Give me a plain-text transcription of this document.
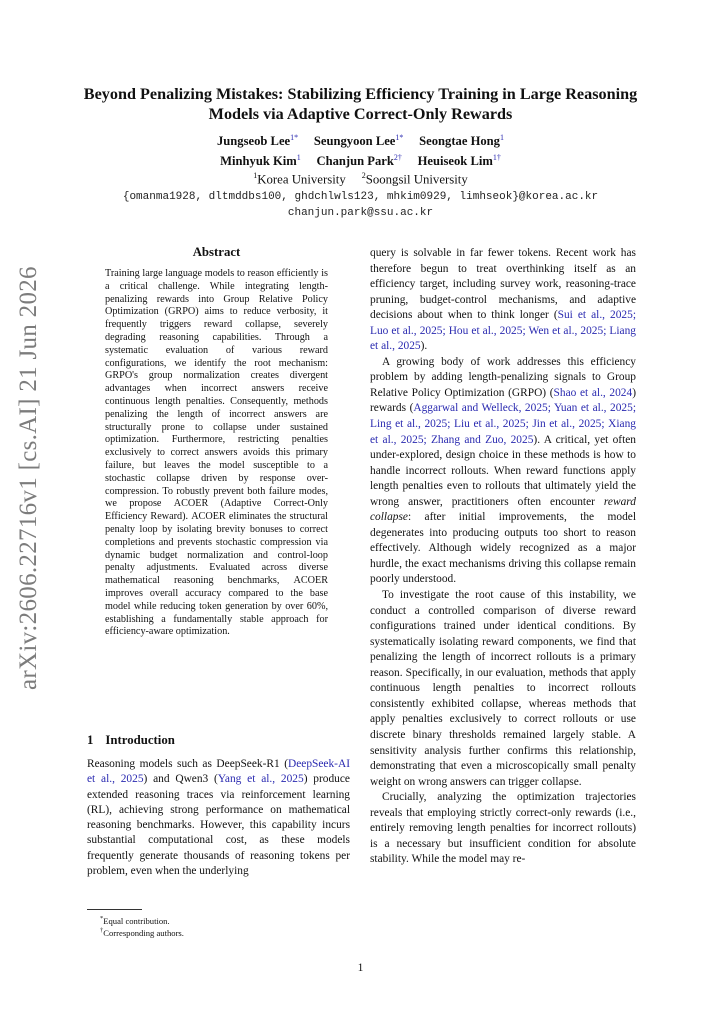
arXiv:2606.22716v1 [cs.AI] 21 Jun 2026
Beyond Penalizing Mistakes: Stabilizing Efficiency Training in Large Reasoning Models via Adaptive Correct-Only Rewards
Jungseob Lee$^{1*}$ Seungyoon Lee$^{1*}$ Seongtae Hong$^1$
Minhyuk Kim$^1$ Chanjun Park$^{2\dagger}$ Heuiseok Lim$^{1\dagger}$
$^1$Korea University $^2$Soongsil University
{omanma1928, dltmddbs100, ghdchlwls123, mhkim0929, limhseok}@korea.ac.kr
chanjun.park@ssu.ac.kr
Abstract
Training large language models to reason efficiently is a critical challenge. While integrating length-penalizing rewards into Group Relative Policy Optimization (GRPO) aims to reduce verbosity, it frequently triggers reward collapse, severely degrading reasoning capabilities. Through a systematic evaluation of various reward configurations, we identify the root mechanism: GRPO's group normalization creates divergent advantages when incorrect answers receive continuous length penalties. Consequently, methods penalizing the length of incorrect answers are structurally prone to collapse under sustained optimization. Furthermore, restricting penalties exclusively to correct answers avoids this primary failure, but leaves the model susceptible to a stochastic collapse driven by response over-compression. To robustly prevent both failure modes, we propose ACOER (Adaptive Correct-Only Efficiency Reward). ACOER eliminates the structural penalty loop by isolating brevity bonuses to correct completions and prevents stochastic compression via dynamic budget normalization and control-loop penalty adjustments. Evaluated across diverse mathematical reasoning benchmarks, ACOER improves overall accuracy compared to the base model while reducing token generation by over 60%, establishing a fundamentally stable approach for efficiency-aware optimization.
1 Introduction
Reasoning models such as DeepSeek-R1 (DeepSeek-AI et al., 2025) and Qwen3 (Yang et al., 2025) produce extended reasoning traces via reinforcement learning (RL), achieving strong performance on mathematical reasoning benchmarks. However, this capability incurs substantial computational cost, as these models frequently generate thousands of reasoning tokens per problem, even when the underlying
*Equal contribution.
†Corresponding authors.

query is solvable in far fewer tokens. Recent work has therefore begun to treat overthinking itself as an efficiency target, including survey work, reasoning-trace pruning, budget-control mechanisms, and adaptive decisions about when to think longer (Sui et al., 2025; Luo et al., 2025; Hou et al., 2025; Wen et al., 2025; Liang et al., 2025).

A growing body of work addresses this efficiency problem by adding length-penalizing signals to Group Relative Policy Optimization (GRPO) (Shao et al., 2024) rewards (Aggarwal and Welleck, 2025; Yuan et al., 2025; Ling et al., 2025; Liu et al., 2025; Jin et al., 2025; Xiang et al., 2025; Zhang and Zuo, 2025). A critical, yet often under-explored, design choice in these methods is how to handle incorrect rollouts. When reward functions apply length penalties even to rollouts that ultimately yield the wrong answer, practitioners often encounter reward collapse: after initial improvements, the model degenerates into producing outputs too short to reason effectively. Although widely recognized as a major hurdle, the exact mechanisms driving this collapse remain poorly understood.

To investigate the root cause of this instability, we conduct a controlled comparison of diverse reward configurations trained under identical conditions. By systematically isolating reward components, we find that penalizing the length of incorrect rollouts is a primary reason. Specifically, in our evaluation, methods that apply continuous length penalties to incorrect rollouts consistently exhibited collapse, whereas methods that apply penalties exclusively to correct rollouts or use discrete binary thresholds remained largely stable. A sensitivity analysis further confirms this relationship, demonstrating that even a microscopically small penalty weight on wrong answers can trigger collapse.

Crucially, analyzing the optimization trajectories reveals that employing strictly correct-only rewards (i.e., entirely removing length penalties for incorrect rollouts) is a necessary but insufficient condition for absolute stability. While the model may re-

1
